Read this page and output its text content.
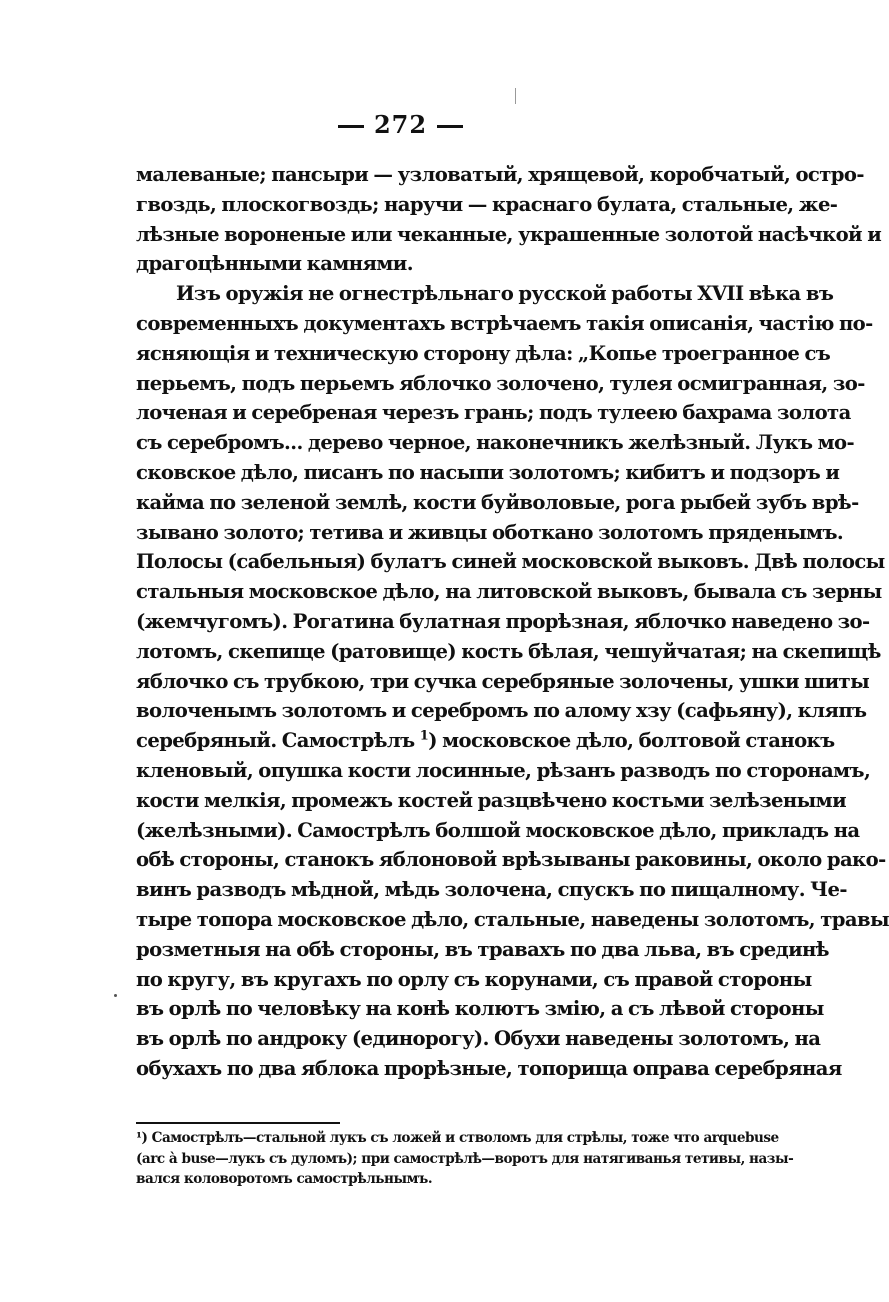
272
малеваные; пансыри — узловатый, хрящевой, коробчатый, остро-
гвоздь, плоскогвоздь; наручи — краснаго булата, стальные, же-
лѣзные вороненые или чеканные, украшенные золотой насѣчкой и
драгоцѣнными камнями.
Изъ оружія не огнестрѣльнаго русской работы XVII вѣка въ
современныхъ документахъ встрѣчаемъ такія описанія, частію по-
ясняющія и техническую сторону дѣла: „Копье троегранное съ
перьемъ, подъ перьемъ яблочко золочено, тулея осмигранная, зо-
лоченая и серебреная черезъ грань; подъ тулеею бахрама золота
съ серебромъ... дерево черное, наконечникъ желѣзный. Лукъ мо-
сковское дѣло, писанъ по насыпи золотомъ; кибитъ и подзоръ и
кайма по зеленой землѣ, кости буйволовые, рога рыбей зубъ врѣ-
зывано золото; тетива и живцы оботкано золотомъ пряденымъ.
Полосы (сабельныя) булатъ синей московской выковъ. Двѣ полосы
стальныя московское дѣло, на литовской выковъ, бывала съ зерны
(жемчугомъ). Рогатина булатная прорѣзная, яблочко наведено зо-
лотомъ, скепище (ратовище) кость бѣлая, чешуйчатая; на скепищѣ
яблочко съ трубкою, три сучка серебряные золочены, ушки шиты
волоченымъ золотомъ и серебромъ по алому хзу (сафьяну), кляпъ
серебряный. Самострѣлъ $^1$) московское дѣло, болтовой станокъ
кленовый, опушка кости лосинные, рѣзанъ разводъ по сторонамъ,
кости мелкія, промежъ костей разцвѣчено костьми зелѣзеными
(желѣзными). Самострѣлъ болшой московское дѣло, прикладъ на
обѣ стороны, станокъ яблоновой врѣзываны раковины, около рако-
винъ разводъ мѣдной, мѣдь золочена, спускъ по пищалному. Че-
тыре топора московское дѣло, стальные, наведены золотомъ, травы
розметныя на обѣ стороны, въ травахъ по два льва, въ срединѣ
по кругу, въ кругахъ по орлу съ корунами, съ правой стороны
въ орлѣ по человѣку на конѣ колютъ змію, а съ лѣвой стороны
въ орлѣ по андроку (единорогу). Обухи наведены золотомъ, на
обухахъ по два яблока прорѣзные, топорища оправа серебряная
¹) Самострѣлъ—стальной лукъ съ ложей и стволомъ для стрѣлы, тоже что arquebuse
(arc à buse—лукъ съ дуломъ); при самострѣлѣ—воротъ для натягиванья тетивы, назы-
вался коловоротомъ самострѣльнымъ.
